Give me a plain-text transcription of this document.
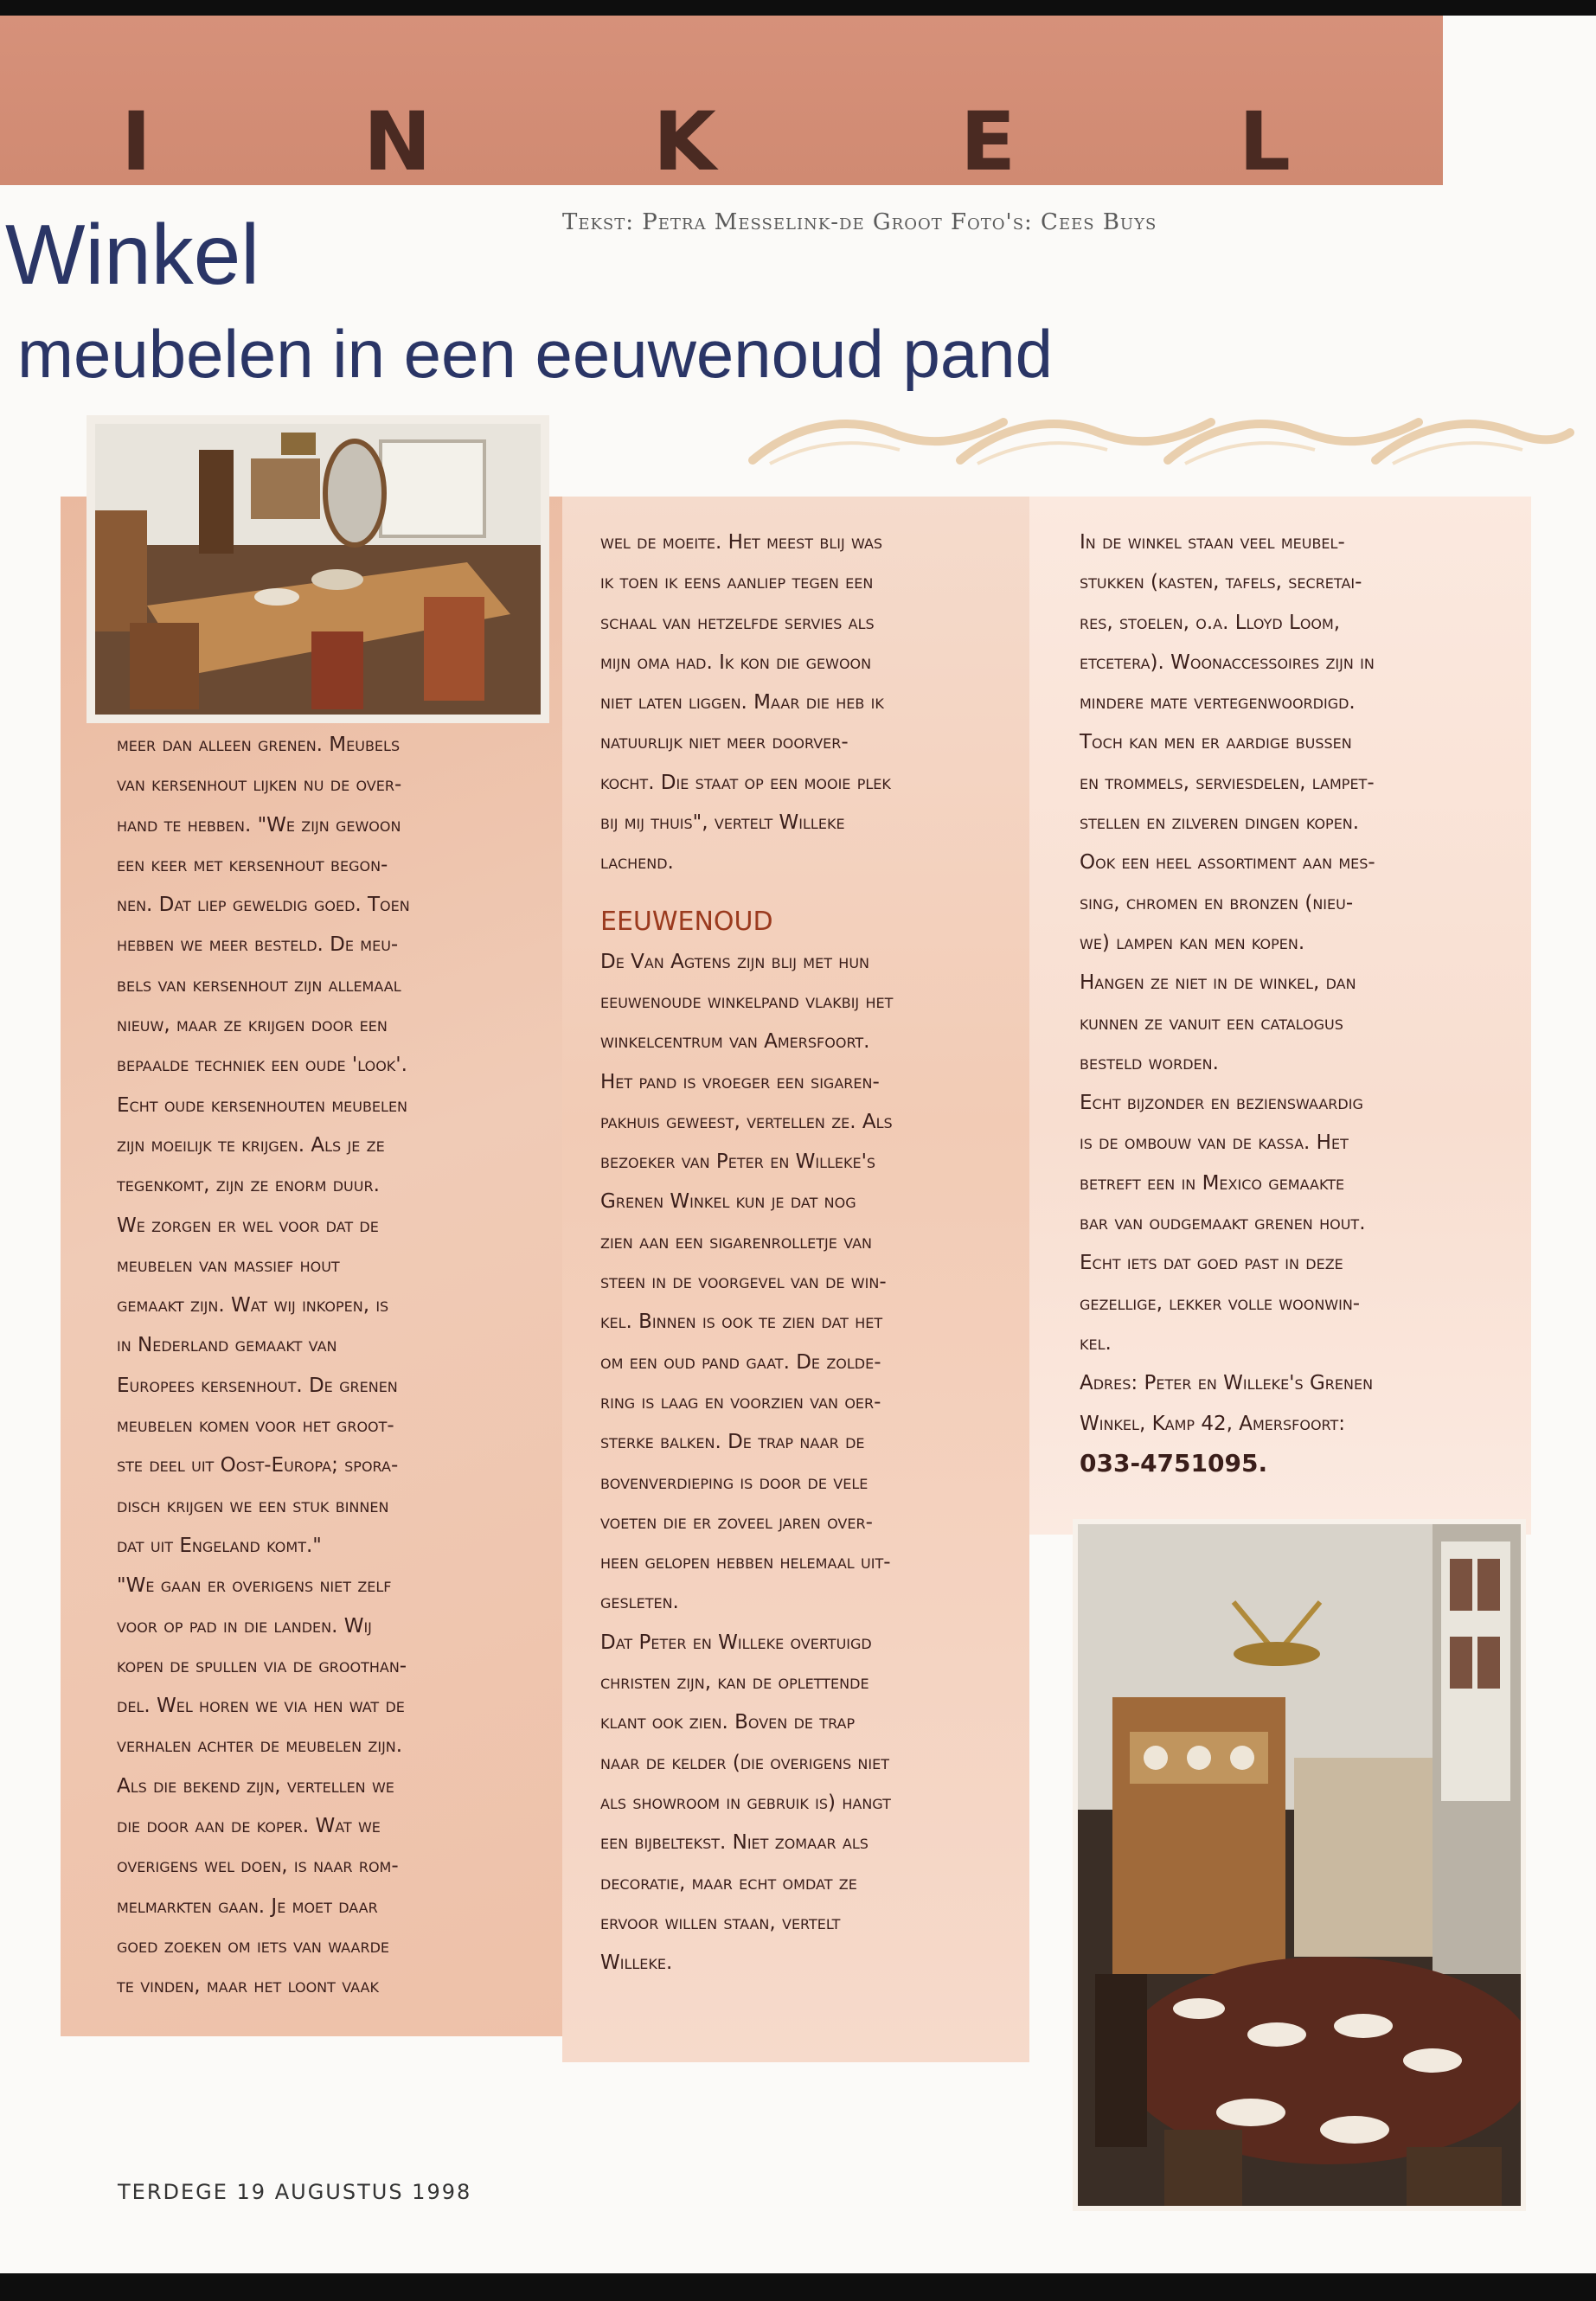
I	N	K	E	L
Tekst: Petra Messelink-de Groot Foto's: Cees Buys
Winkel
meubelen in een eeuwenoud pand

meer dan alleen grenen. Meubels

van kersenhout lijken nu de over-

hand te hebben. "We zijn gewoon

een keer met kersenhout begon-

nen. Dat liep geweldig goed. Toen

hebben we meer besteld. De meu-

bels van kersenhout zijn allemaal

nieuw, maar ze krijgen door een

bepaalde techniek een oude 'look'.

Echt oude kersenhouten meubelen

zijn moeilijk te krijgen. Als je ze

tegenkomt, zijn ze enorm duur.

We zorgen er wel voor dat de

meubelen van massief hout

gemaakt zijn. Wat wij inkopen, is

in Nederland gemaakt van

Europees kersenhout. De grenen

meubelen komen voor het groot-

ste deel uit Oost-Europa; spora-

disch krijgen we een stuk binnen

dat uit Engeland komt."

"We gaan er overigens niet zelf

voor op pad in die landen. Wij

kopen de spullen via de groothan-

del. Wel horen we via hen wat de

verhalen achter de meubelen zijn.

Als die bekend zijn, vertellen we

die door aan de koper. Wat we

overigens wel doen, is naar rom-

melmarkten gaan. Je moet daar

goed zoeken om iets van waarde

te vinden, maar het loont vaak

wel de moeite. Het meest blij was

ik toen ik eens aanliep tegen een

schaal van hetzelfde servies als

mijn oma had. Ik kon die gewoon

niet laten liggen. Maar die heb ik

natuurlijk niet meer doorver-

kocht. Die staat op een mooie plek

bij mij thuis", vertelt Willeke

lachend.

EEUWENOUD

De Van Agtens zijn blij met hun

eeuwenoude winkelpand vlakbij het

winkelcentrum van Amersfoort.

Het pand is vroeger een sigaren-

pakhuis geweest, vertellen ze. Als

bezoeker van Peter en Willeke's

Grenen Winkel kun je dat nog

zien aan een sigarenrolletje van

steen in de voorgevel van de win-

kel. Binnen is ook te zien dat het

om een oud pand gaat. De zolde-

ring is laag en voorzien van oer-

sterke balken. De trap naar de

bovenverdieping is door de vele

voeten die er zoveel jaren over-

heen gelopen hebben helemaal uit-

gesleten.

Dat Peter en Willeke overtuigd

christen zijn, kan de oplettende

klant ook zien. Boven de trap

naar de kelder (die overigens niet

als showroom in gebruik is) hangt

een bijbeltekst. Niet zomaar als

decoratie, maar echt omdat ze

ervoor willen staan, vertelt

Willeke.

In de winkel staan veel meubel-

stukken (kasten, tafels, secretai-

res, stoelen, o.a. Lloyd Loom,

etcetera). Woonaccessoires zijn in

mindere mate vertegenwoordigd.

Toch kan men er aardige bussen

en trommels, serviesdelen, lampet-

stellen en zilveren dingen kopen.

Ook een heel assortiment aan mes-

sing, chromen en bronzen (nieu-

we) lampen kan men kopen.

Hangen ze niet in de winkel, dan

kunnen ze vanuit een catalogus

besteld worden.

Echt bijzonder en bezienswaardig

is de ombouw van de kassa. Het

betreft een in Mexico gemaakte

bar van oudgemaakt grenen hout.

Echt iets dat goed past in deze

gezellige, lekker volle woonwin-

kel.

Adres: Peter en Willeke's Grenen

Winkel, Kamp 42, Amersfoort:

033-4751095.

TERDEGE 19 AUGUSTUS 1998
